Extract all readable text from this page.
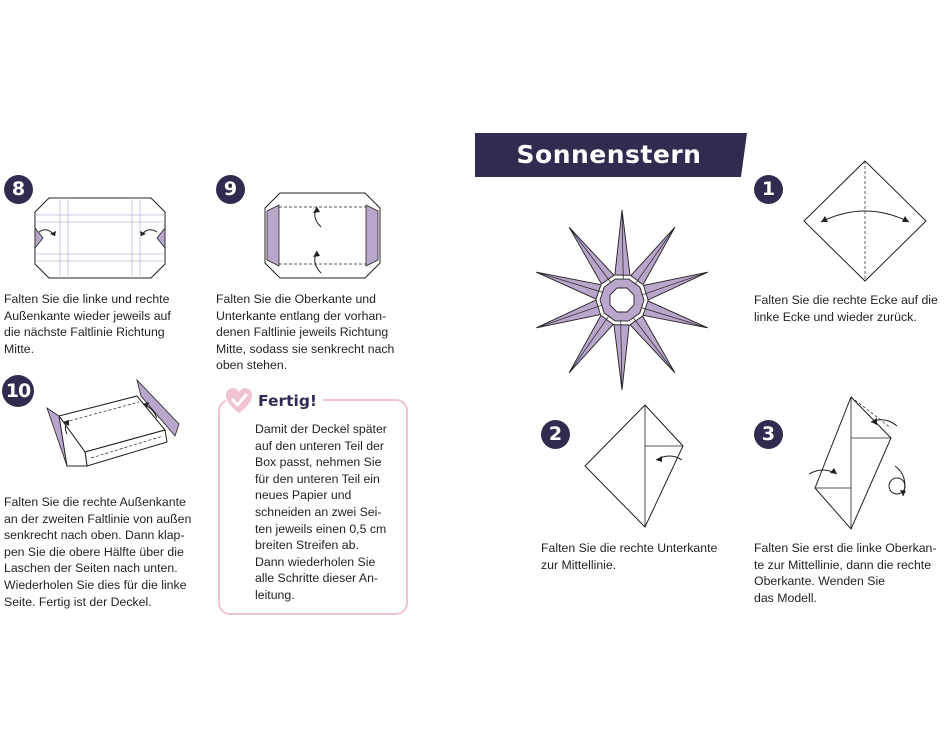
Sonnenstern
8

Falten Sie die linke und rechte

Außenkante wieder jeweils auf

die nächste Faltlinie Richtung

Mitte.

9

Falten Sie die Oberkante und

Unterkante entlang der vorhan-

denen Faltlinie jeweils Richtung

Mitte, sodass sie senkrecht nach

oben stehen.

10

Falten Sie die rechte Außenkante

an der zweiten Faltlinie von außen

senkrecht nach oben. Dann klap-

pen Sie die obere Hälfte über die

Laschen der Seiten nach unten.

Wiederholen Sie dies für die linke

Seite. Fertig ist der Deckel.

Fertig!

Damit der Deckel später

auf den unteren Teil der

Box passt, nehmen Sie

für den unteren Teil ein

neues Papier und

schneiden an zwei Sei-

ten jeweils einen 0,5 cm

breiten Streifen ab.

Dann wiederholen Sie

alle Schritte dieser An-

leitung.

1

Falten Sie die rechte Ecke auf die

linke Ecke und wieder zurück.

2

Falten Sie die rechte Unterkante

zur Mittellinie.

3

Falten Sie erst die linke Oberkan-

te zur Mittellinie, dann die rechte

Oberkante. Wenden Sie

das Modell.
